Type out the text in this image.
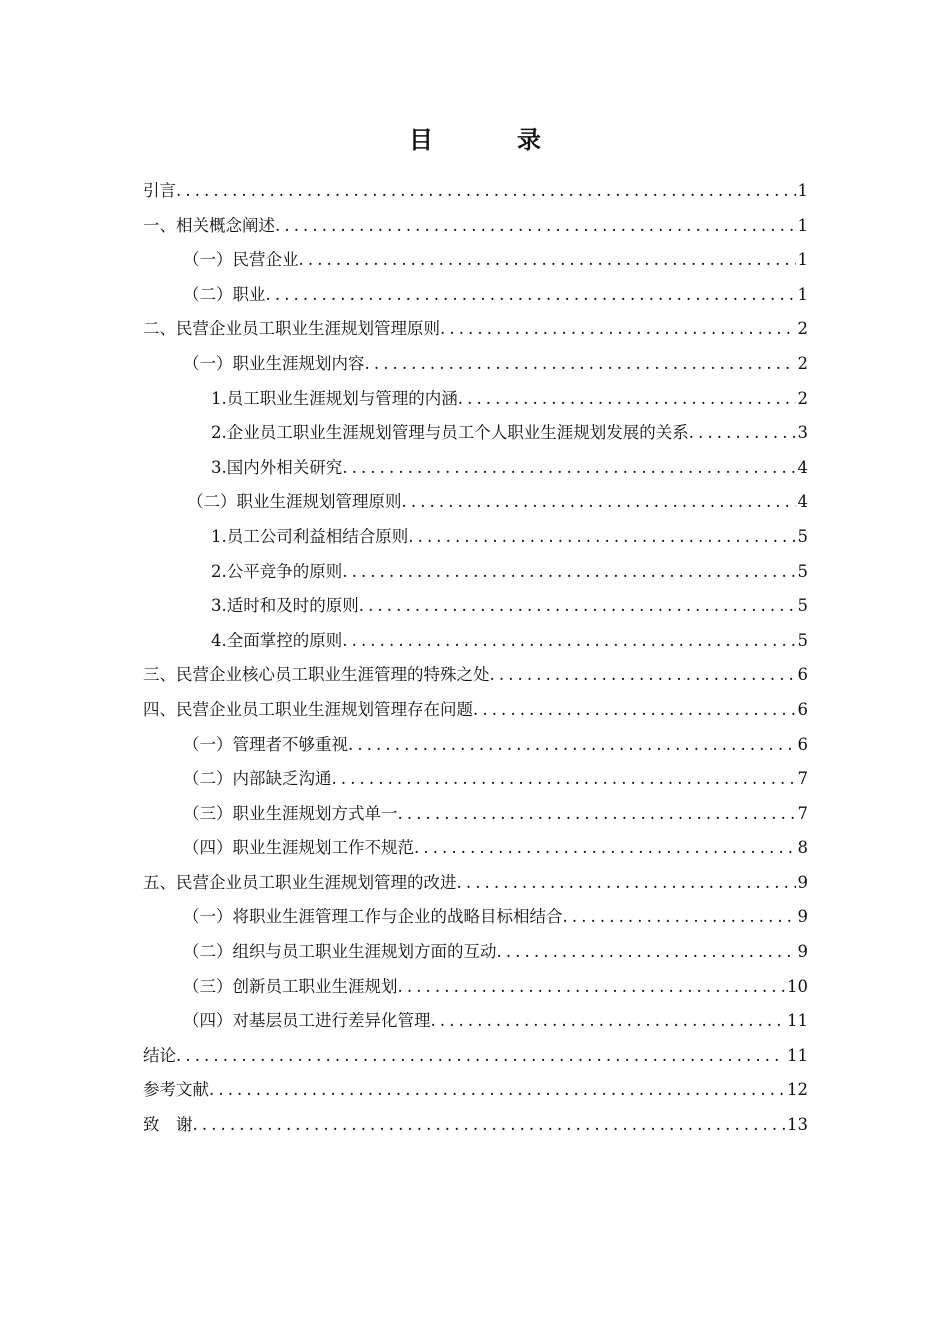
目　录
引言 .....	1
一、相关概念阐述 .....	1
（一）民营企业 .....	1
（二）职业 .....	1
二、民营企业员工职业生涯规划管理原则 .....	2
（一）职业生涯规划内容 .....	2
1.员工职业生涯规划与管理的内涵 .....	2
2.企业员工职业生涯规划管理与员工个人职业生涯规划发展的关系 .....	3
3.国内外相关研究 .....	4
（二）职业生涯规划管理原则 .....	4
1.员工公司利益相结合原则 .....	5
2.公平竞争的原则 .....	5
3.适时和及时的原则 .....	5
4.全面掌控的原则 .....	5
三、民营企业核心员工职业生涯管理的特殊之处 .....	6
四、民营企业员工职业生涯规划管理存在问题 .....	6
（一）管理者不够重视 .....	6
（二）内部缺乏沟通 .....	7
（三）职业生涯规划方式单一 .....	7
（四）职业生涯规划工作不规范 .....	8
五、民营企业员工职业生涯规划管理的改进 .....	9
（一）将职业生涯管理工作与企业的战略目标相结合 .....	9
（二）组织与员工职业生涯规划方面的互动 .....	9
（三）创新员工职业生涯规划 .....	10
（四）对基层员工进行差异化管理 .....	11
结论 .....	11
参考文献 .....	12
致　谢 .....	13
